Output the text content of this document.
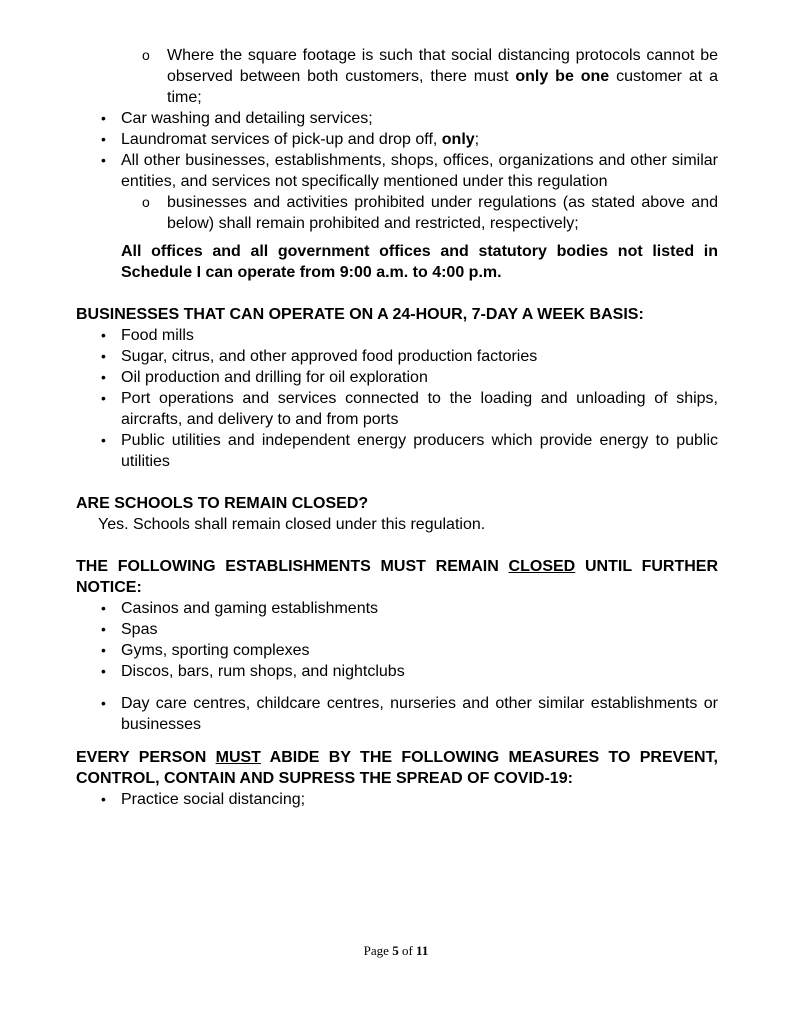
o Where the square footage is such that social distancing protocols cannot be observed between both customers, there must only be one customer at a time;
• Car washing and detailing services;
• Laundromat services of pick-up and drop off, only;
• All other businesses, establishments, shops, offices, organizations and other similar entities, and services not specifically mentioned under this regulation
o businesses and activities prohibited under regulations (as stated above and below) shall remain prohibited and restricted, respectively;

All offices and all government offices and statutory bodies not listed in Schedule I can operate from 9:00 a.m. to 4:00 p.m.

BUSINESSES THAT CAN OPERATE ON A 24-HOUR, 7-DAY A WEEK BASIS:
• Food mills
• Sugar, citrus, and other approved food production factories
• Oil production and drilling for oil exploration
• Port operations and services connected to the loading and unloading of ships, aircrafts, and delivery to and from ports
• Public utilities and independent energy producers which provide energy to public utilities
ARE SCHOOLS TO REMAIN CLOSED?
Yes. Schools shall remain closed under this regulation.
THE FOLLOWING ESTABLISHMENTS MUST REMAIN CLOSED UNTIL FURTHER NOTICE:
• Casinos and gaming establishments
• Spas
• Gyms, sporting complexes
• Discos, bars, rum shops, and nightclubs
• Day care centres, childcare centres, nurseries and other similar establishments or businesses
EVERY PERSON MUST ABIDE BY THE FOLLOWING MEASURES TO PREVENT, CONTROL, CONTAIN AND SUPRESS THE SPREAD OF COVID-19:
• Practice social distancing;
Page 5 of 11
